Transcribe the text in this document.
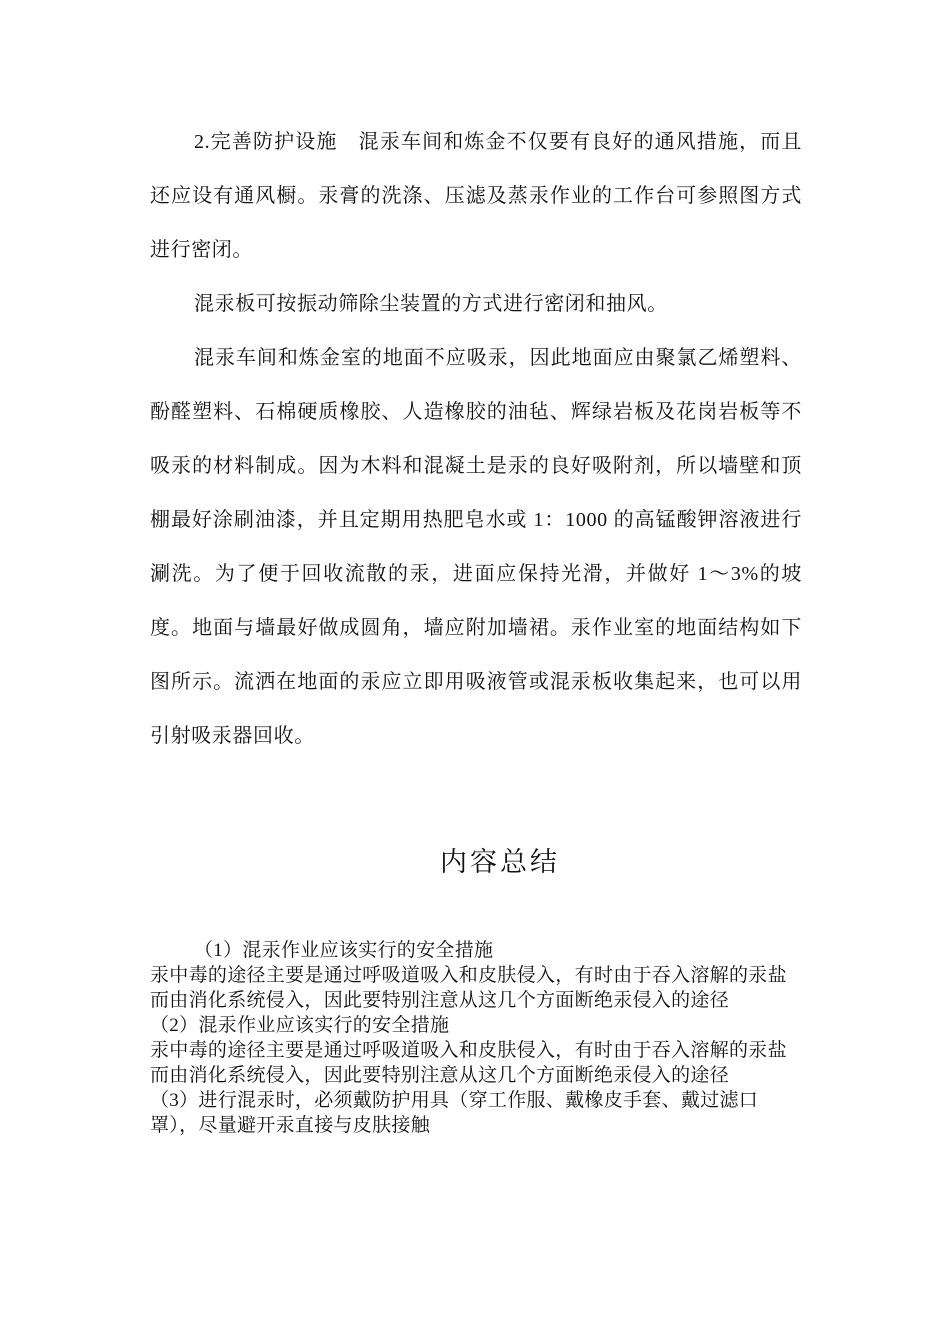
2.完善防护设施　混汞车间和炼金不仅要有良好的通风措施，而且还应设有通风橱。汞膏的洗涤、压滤及蒸汞作业的工作台可参照图方式进行密闭。

混汞板可按振动筛除尘装置的方式进行密闭和抽风。

混汞车间和炼金室的地面不应吸汞，因此地面应由聚氯乙烯塑料、酚醛塑料、石棉硬质橡胶、人造橡胶的油毡、辉绿岩板及花岗岩板等不吸汞的材料制成。因为木料和混凝土是汞的良好吸附剂，所以墙壁和顶棚最好涂刷油漆，并且定期用热肥皂水或 1：1000 的高锰酸钾溶液进行涮洗。为了便于回收流散的汞，进面应保持光滑，并做好 1～3%的坡度。地面与墙最好做成圆角，墙应附加墙裙。汞作业室的地面结构如下图所示。流洒在地面的汞应立即用吸液管或混汞板收集起来，也可以用引射吸汞器回收。

内容总结
（1）混汞作业应该实行的安全措施
汞中毒的途径主要是通过呼吸道吸入和皮肤侵入，有时由于吞入溶解的汞盐而由消化系统侵入，因此要特别注意从这几个方面断绝汞侵入的途径
（2）混汞作业应该实行的安全措施
汞中毒的途径主要是通过呼吸道吸入和皮肤侵入，有时由于吞入溶解的汞盐而由消化系统侵入，因此要特别注意从这几个方面断绝汞侵入的途径
（3）进行混汞时，必须戴防护用具（穿工作服、戴橡皮手套、戴过滤口罩），尽量避开汞直接与皮肤接触
